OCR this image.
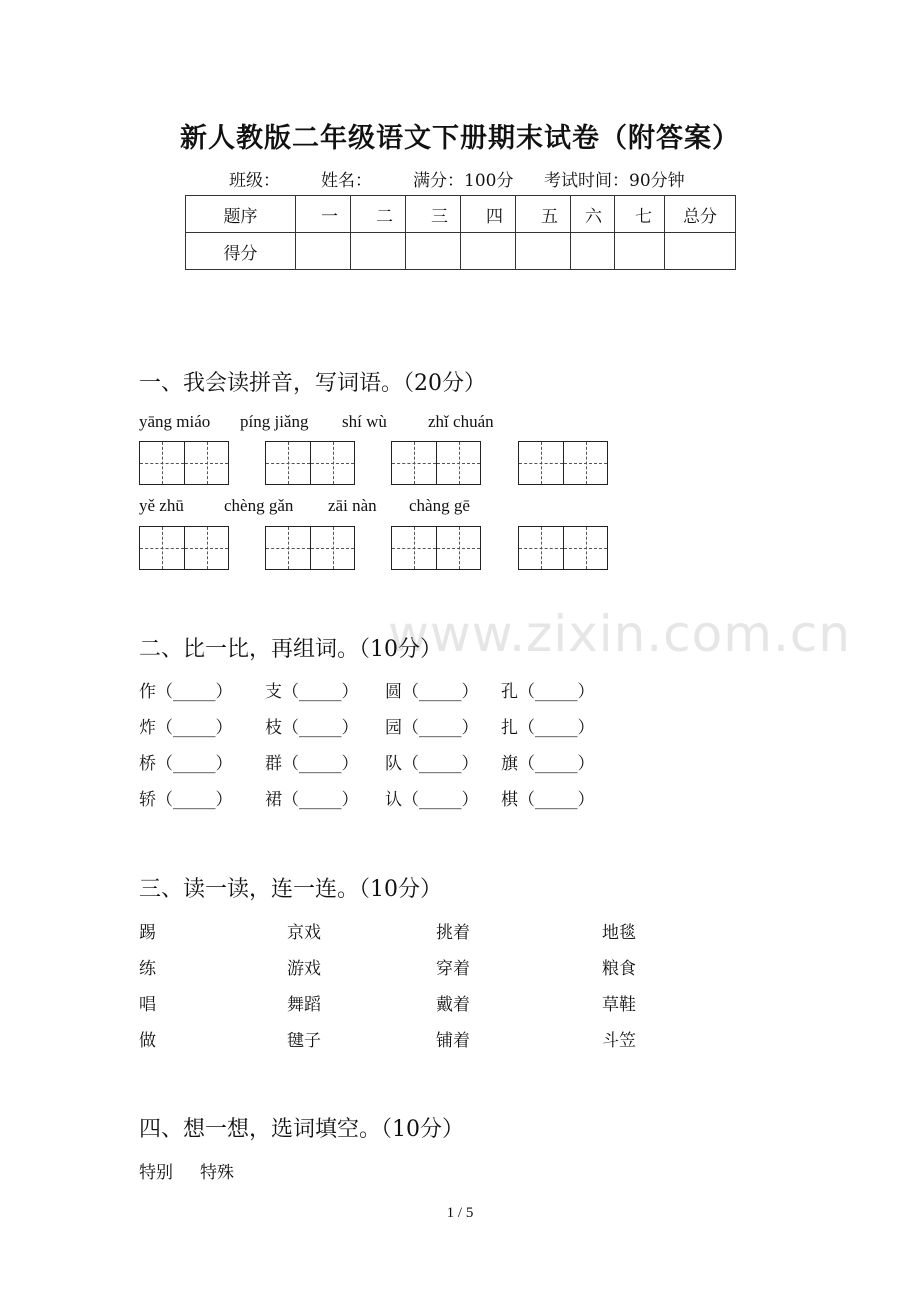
www.zixin.com.cn
新人教版二年级语文下册期末试卷（附答案）
班级： 姓名： 满分：100分 考试时间：90分钟
题序	一	二	三	四	五	六	七	总分
得分								
一、我会读拼音，写词语。（20分）
yāng miáo píng jiǎng shí wù zhǐ chuán
yě zhū chèng gǎn zāi nàn chàng gē
二、比一比，再组词。（10分）
作（_____） 支（_____） 圆（_____） 孔（_____）
炸（_____） 枝（_____） 园（_____） 扎（_____）
桥（_____） 群（_____） 队（_____） 旗（_____）
轿（_____） 裙（_____） 认（_____） 棋（_____）
三、读一读，连一连。（10分）
踢	京戏	挑着	地毯
练	游戏	穿着	粮食
唱	舞蹈	戴着	草鞋
做	毽子	铺着	斗笠
四、想一想，选词填空。（10分）
特别 特殊
1 / 5
